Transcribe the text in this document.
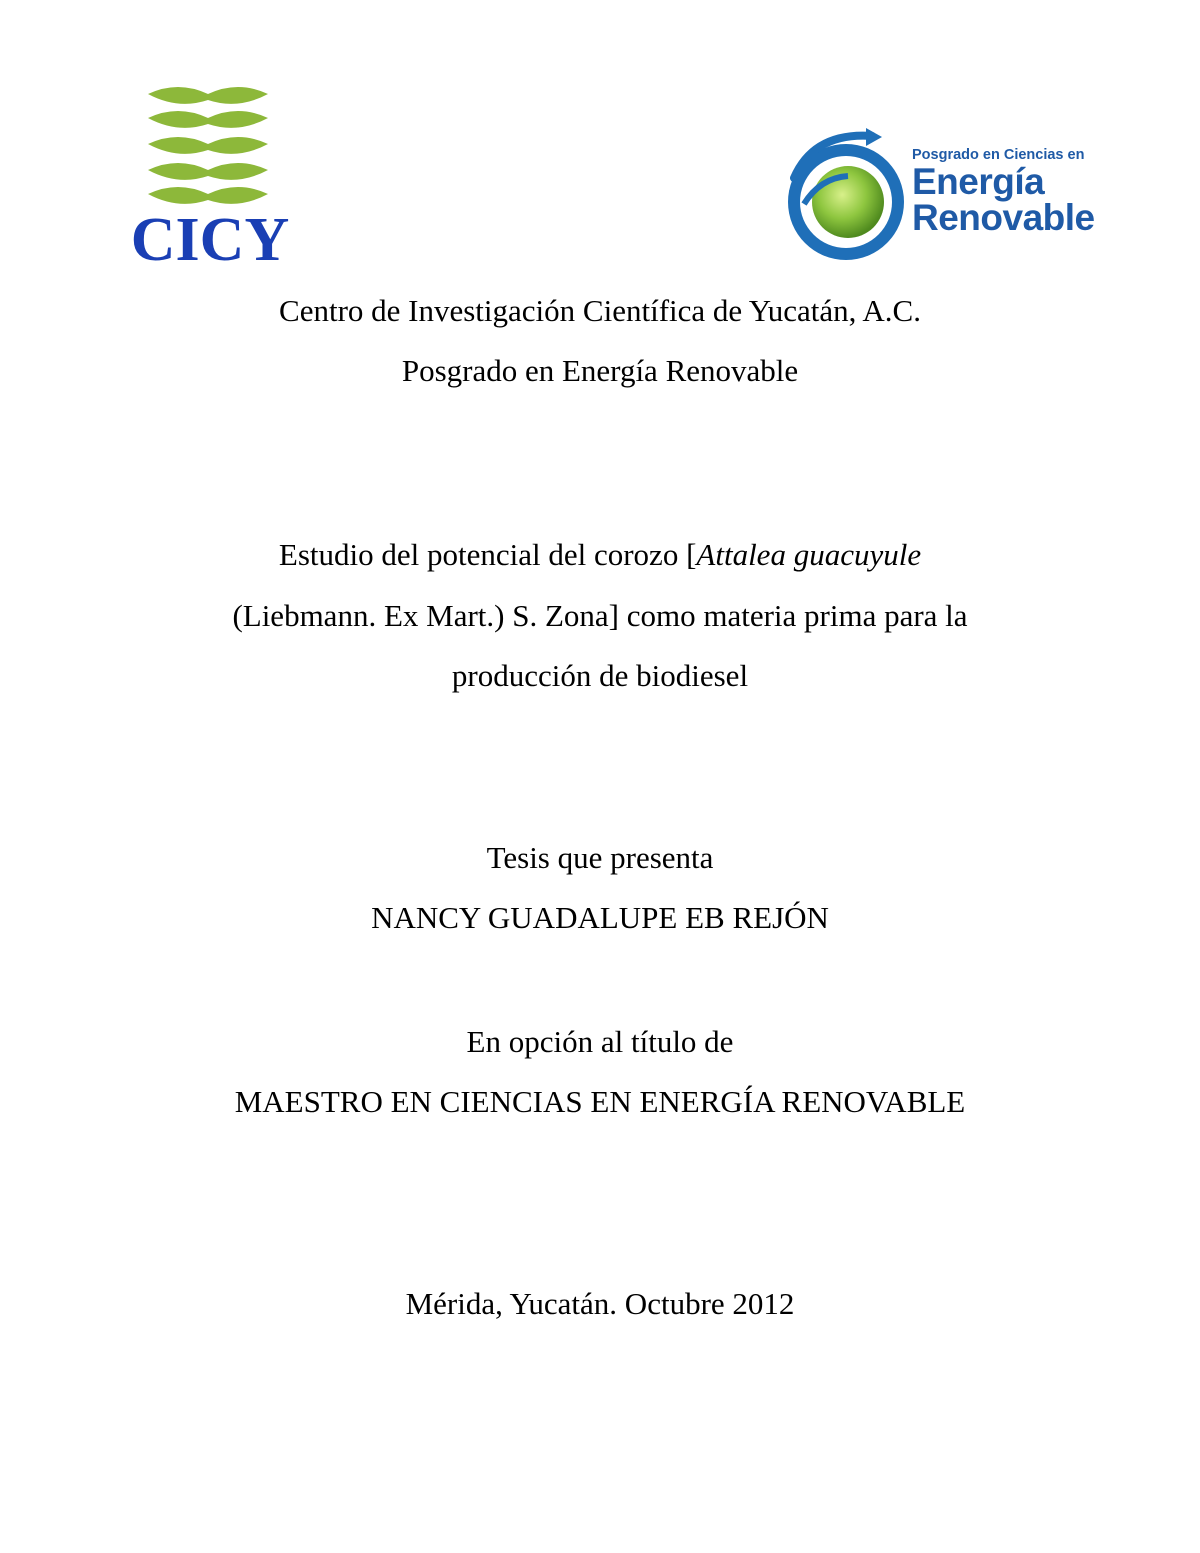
CICY
Posgrado en Ciencias en
Energía
Renovable
Centro de Investigación Científica de Yucatán, A.C.
Posgrado en Energía Renovable
Estudio del potencial del corozo [Attalea guacuyule
(Liebmann. Ex Mart.) S. Zona] como materia prima para la
producción de biodiesel
Tesis que presenta
NANCY GUADALUPE EB REJÓN
En opción al título de
MAESTRO EN CIENCIAS EN ENERGÍA RENOVABLE
Mérida, Yucatán. Octubre 2012
